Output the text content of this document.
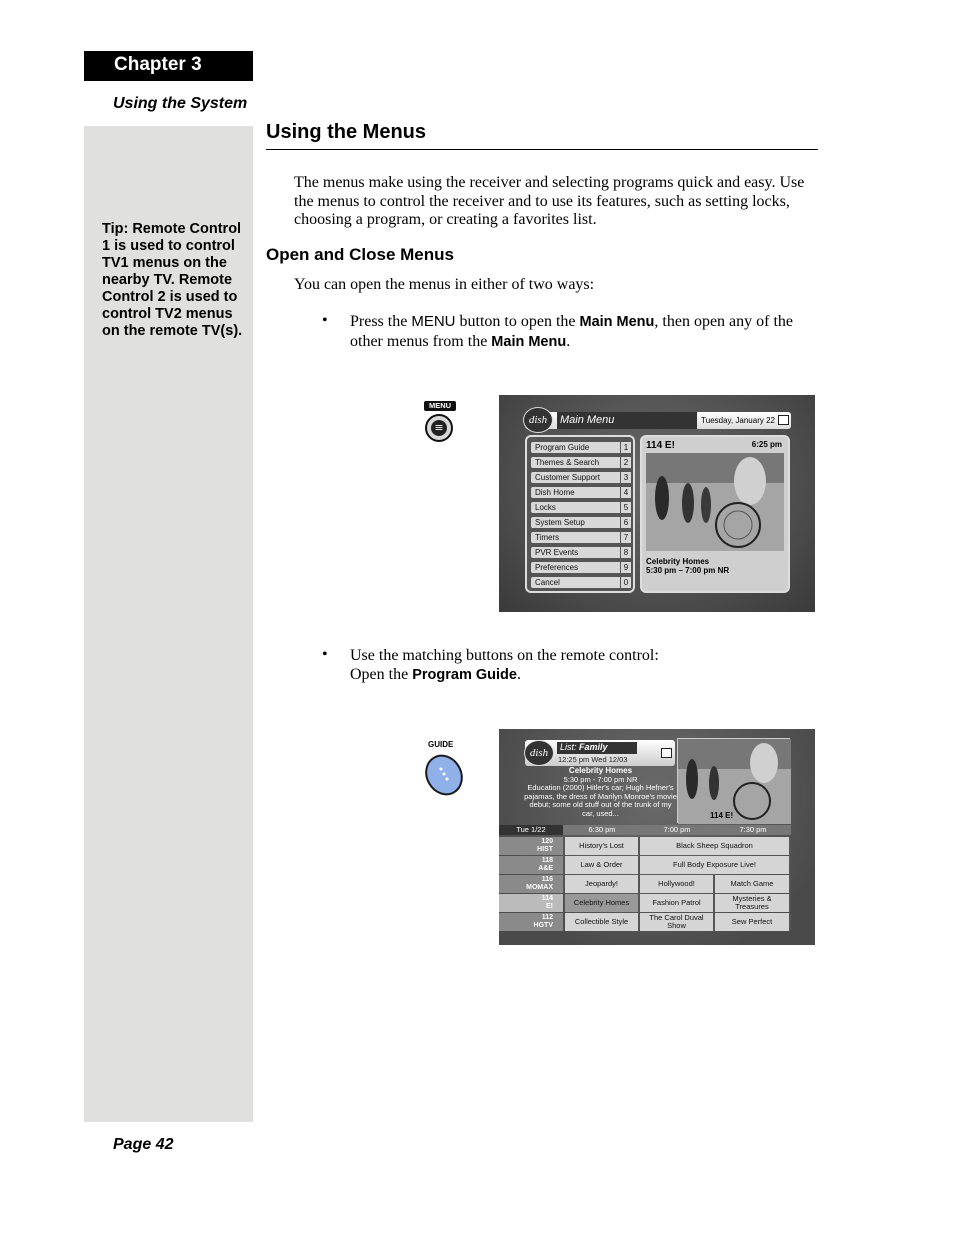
Chapter 3
Using the System
Tip: Remote Control 1 is used to control TV1 menus on the nearby TV. Remote Control 2 is used to control TV2 menus on the remote TV(s).
Using the Menus
The menus make using the receiver and selecting programs quick and easy. Use the menus to control the receiver and to use its features, such as setting locks, choosing a program, or creating a favorites list.
Open and Close Menus
You can open the menus in either of two ways:
• Press the MENU button to open the Main Menu, then open any of the other menus from the Main Menu.
MENU
≡
Main Menu	Tuesday, January 22
dish
Program Guide	1
Themes & Search	2
Customer Support	3
Dish Home	4
Locks	5
System Setup	6
Timers	7
PVR Events	8
Preferences	9
Cancel	0
114 E!	6:25 pm
Celebrity Homes
5:30 pm – 7:00 pm NR
• Use the matching buttons on the remote control:
Open the Program Guide.
GUIDE	List: Family
12:25 pm Wed 12/03
dish
114 E!
Celebrity Homes
5:30 pm - 7:00 pm NR
Education (2000) Hitler's car; Hugh Hefner's pajamas, the dress of Marilyn Monroe's movie debut; some old stuff out of the trunk of my car, used...
Tue 1/22	6:30 pm	7:00 pm	7:30 pm
120
HIST	History's Lost	Black Sheep Squadron
118
A&E	Law & Order	Full Body Exposure Live!
116
MOMAX	Jeopardy!	Hollywood!	Match Game
114
E!	Celebrity Homes	Fashion Patrol	Mysteries & Treasures
112
HGTV	Collectible Style	The Carol Duval Show	Sew Perfect
Page 42
